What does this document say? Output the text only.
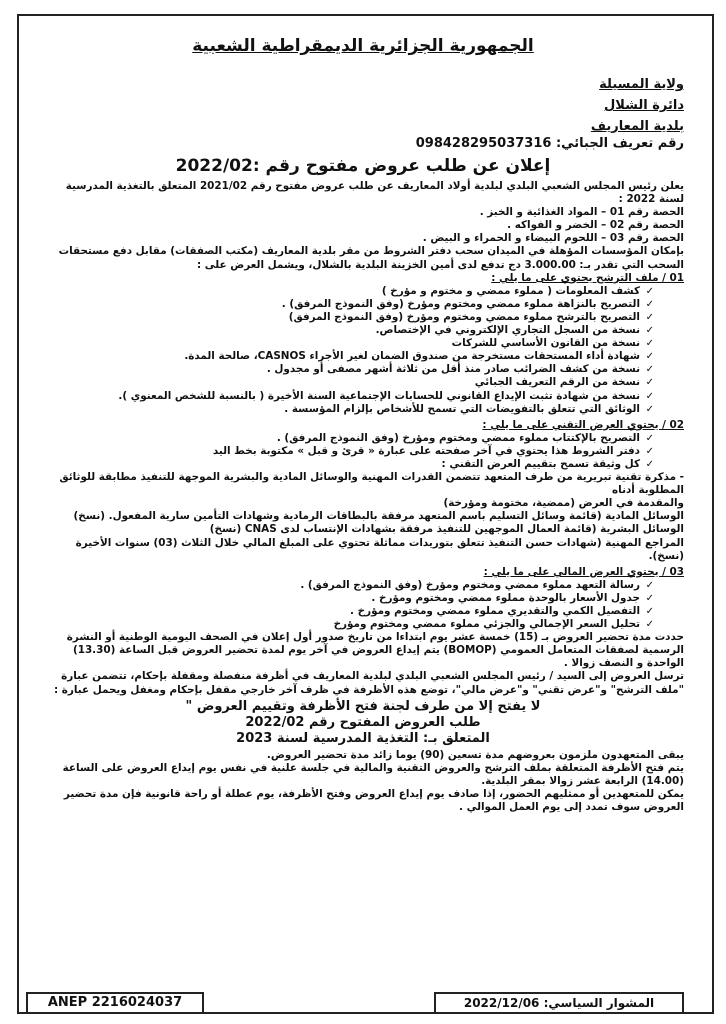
الجمهورية الجزائرية الديمقراطية الشعبية
ولاية المسيلة
دائرة الشلال
بلدية المعاريف
رقم تعريف الجبائي: 098428295037316
إعلان عن طلب عروض مفتوح رقم :2022/02

يعلن رئيس المجلس الشعبي البلدي لبلدية أولاد المعاريف عن طلب عروض مفتوح رقم 2021/02 المتعلق بالتغذية المدرسية لسنة 2022 :

الحصة رقم 01 – المواد الغذائية و الخبز .

الحصة رقم 02 – الخضر و الفواكه .

الحصة رقم 03 – اللحوم البيضاء و الحمراء و البيض .

بإمكان المؤسسات المؤهلة في الميدان سحب دفتر الشروط من مقر بلدية المعاريف (مكتب الصفقات) مقابل دفع مستحقات السحب التي تقدر بـ: 3.000.00 دج تدفع لدى أمين الخزينة البلدية بالشلال، ويشمل العرض على :

01 / ملف الترشح يحتوي على ما يلي :

✓ كشف المعلومات ( مملوء ممضي و مختوم و مؤرخ )
✓ التصريح بالنزاهة مملوء ممضي ومختوم ومؤرخ (وفق النموذج المرفق) .
✓ التصريح بالترشح مملوء ممضي ومختوم ومؤرخ (وفق النموذج المرفق)
✓ نسخة من السجل التجاري الإلكتروني في الإختصاص.
✓ نسخة من القانون الأساسي للشركات
✓ شهادة أداء المستحقات مستخرجة من صندوق الضمان لغير الأجراء CASNOS، صالحة المدة.
✓ نسخة من كشف الضرائب صادر منذ أقل من ثلاثة أشهر مصفى أو مجدول .
✓ نسخة من الرقم التعريف الجبائي
✓ نسخة من شهادة تثبت الإيداع القانوني للحسابات الإجتماعية السنة الأخيرة ( بالنسبة للشخص المعنوي ).
✓ الوثائق التي تتعلق بالتفويضات التي تسمح للأشخاص بإلزام المؤسسة .

02 / يحتوي العرض التقني على ما يلي :

✓ التصريح بالإكتتاب مملوء ممضي ومختوم ومؤرخ (وفق النموذج المرفق) .
✓ دفتر الشروط هذا يحتوي في آخر صفحته على عبارة « قرئ و قبل » مكتوبة بخط اليد
✓ كل وثيقة تسمح بتقييم العرض التقني :

- مذكرة تقنية تبريرية من طرف المتعهد تتضمن القدرات المهنية والوسائل المادية والبشرية الموجهة للتنفيذ مطابقة للوثائق المطلوبة أدناه

والمقدمة في العرض (ممضية، مختومة ومؤرخة)

الوسائل المادية (قائمة وسائل التسليم باسم المتعهد مرفقة بالبطاقات الرمادية وشهادات التأمين سارية المفعول. (نسخ)

الوسائل البشرية (قائمة العمال الموجهين للتنفيذ مرفقة بشهادات الإنتساب لدى CNAS (نسخ)

المراجع المهنية (شهادات حسن التنفيذ تتعلق بتوريدات مماثلة تحتوي على المبلغ المالي خلال الثلاث (03) سنوات الأخيرة (نسخ).

03 / يحتوي العرض المالي على ما يلي :

✓ رسالة التعهد مملوء ممضي ومختوم ومؤرخ (وفق النموذج المرفق) .
✓ جدول الأسعار بالوحدة مملوء ممضي ومختوم ومؤرخ .
✓ التفصيل الكمي والتقديري مملوء ممضي ومختوم ومؤرخ .
✓ تحليل السعر الإجمالي والجزئي مملوء ممضي ومختوم ومؤرخ

حددت مدة تحضير العروض بـ (15) خمسة عشر يوم ابتداءا من تاريخ صدور أول إعلان في الصحف اليومية الوطنية أو النشرة الرسمية لصفقات المتعامل العمومي (BOMOP) يتم إيداع العروض في آخر يوم لمدة تحضير العروض قبل الساعة (13.30) الواحدة و النصف زوالا .

ترسل العروض إلى السيد / رئيس المجلس الشعبي البلدي لبلدية المعاريف في أظرفة منفصلة ومقفلة بإحكام، تتضمن عبارة "ملف الترشح" و"عرض تقني" و"عرض مالي"، توضع هذه الأظرفة في ظرف آخر خارجي مقفل بإحكام ومغفل ويحمل عبارة :

لا يفتح إلا من طرف لجنة فتح الأظرفة وتقييم العروض "
طلب العروض المفتوح رقم 2022/02
المتعلق بـ: التغذية المدرسية لسنة 2023

يبقى المتعهدون ملزمون بعروضهم مدة تسعين (90) يوما زائد مدة تحضير العروض.

يتم فتح الأظرفة المتعلقة بملف الترشح والعروض التقنية والمالية في جلسة علنية في نفس يوم إيداع العروض على الساعة (14.00) الرابعة عشر زوالا بمقر البلدية.

يمكن للمتعهدين أو ممثليهم الحضور، إذا صادف يوم إيداع العروض وفتح الأظرفة، يوم عطلة أو راحة قانونية فإن مدة تحضير العروض سوف تمدد إلى يوم العمل الموالي .

ANEP 2216024037	المشوار السياسي: 2022/12/06
